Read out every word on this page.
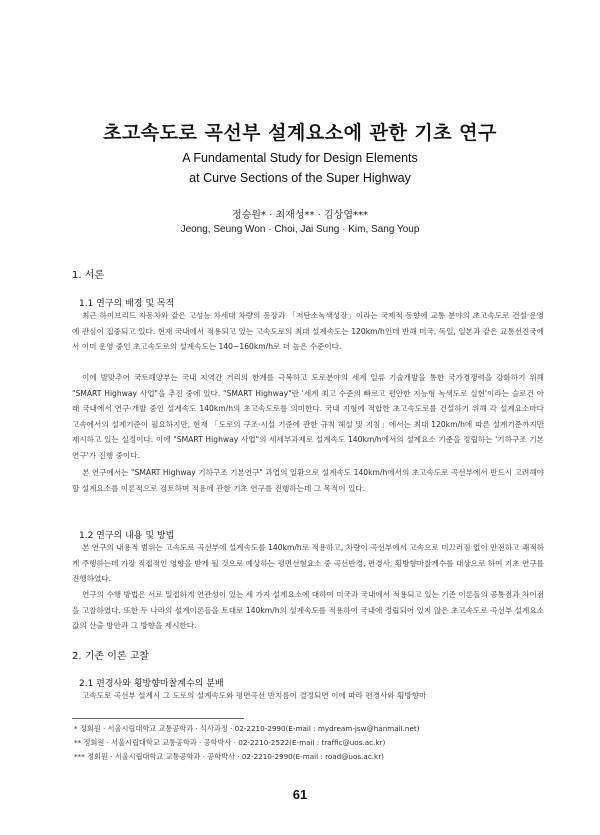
초고속도로 곡선부 설계요소에 관한 기초 연구
A Fundamental Study for Design Elements
at Curve Sections of the Super Highway
정승원* · 최재성** · 김상엽***
Jeong, Seung Won · Choi, Jai Sung · Kim, Sang Youp
1. 서론
1.1 연구의 배경 및 목적

최근 하이브리드 자동차와 같은 고성능 차세대 차량의 등장과 「저탄소녹색성장」이라는 국제적 동향에 교통 분야의 초고속도로 건설·운영에 관심이 집중되고 있다. 현재 국내에서 적용되고 있는 고속도로의 최대 설계속도는 120km/h인데 반해 미국, 독일, 일본과 같은 교통선진국에서 이미 운영 중인 초고속도로의 설계속도는 140~160km/h로 더 높은 수준이다.

이에 발맞추어 국토해양부는 국내 지역간 거리의 한계를 극복하고 도로분야의 세계 일류 기술개발을 통한 국가경쟁력을 강화하기 위해 "SMART Highway 사업"을 추진 중에 있다. "SMART Highway"란 '세계 최고 수준의 빠르고 편안한 지능형 녹색도로 실현'이라는 슬로건 아래 국내에서 연구·개발 중인 설계속도 140km/h의 초고속도로를 의미한다. 국내 지형에 적합한 초고속도로를 건설하기 위해 각 설계요소마다 고속에서의 설계기준이 필요하지만, 현재 「도로의 구조·시설 기준에 관한 규칙 해설 및 지침」에서는 최대 120km/h에 따른 설계기준까지만 제시하고 있는 실정이다. 이에 "SMART Highway 사업"의 세세부과제로 설계속도 140km/h에서의 설계요소 기준을 정립하는 '기하구조 기본연구'가 진행 중이다.

본 연구에서는 "SMART Highway 기하구조 기본연구" 과업의 일환으로 설계속도 140km/h에서의 초고속도로 곡선부에서 반드시 고려해야 할 설계요소를 이론적으로 검토하며 적용에 관한 기초 연구를 진행하는데 그 목적이 있다.

1.2 연구의 내용 및 방법

본 연구의 내용적 범위는 고속도로 곡선부에 설계속도를 140km/h로 적용하고, 차량이 곡선부에서 고속으로 미끄러짐 없이 안전하고 쾌적하게 주행하는데 가장 직접적인 영향을 받게 될 것으로 예상하는 평면선형요소 중 곡선반경, 편경사, 횡방향마찰계수를 대상으로 하여 기초 연구를 진행하였다.

연구의 수행 방법은 서로 밀접하게 연관성이 있는 세 가지 설계요소에 대하여 미국과 국내에서 적용되고 있는 기존 이론들의 공통점과 차이점을 고찰하였다. 또한 두 나라의 설계이론들을 토대로 140km/h의 설계속도를 적용하여 국내에 정립되어 있지 않은 초고속도로 곡선부 설계요소 값의 산출 방안과 그 방향을 제시한다.

2. 기존 이론 고찰
2.1 편경사와 횡방향마찰계수의 분배

고속도로 곡선부 설계시 그 도로의 설계속도와 평면곡선 반지름이 결정되면 이에 따라 편경사와 횡방향마

* 정회원 · 서울시립대학교 교통공학과 · 석사과정 · 02-2210-2990(E-mail : mydream-jsw@hanmail.net)
** 정회원 · 서울시립대학교 교통공학과 · 공학박사 · 02-2210-2522(E-mail : traffic@uos.ac.kr)
*** 정회원 · 서울시립대학교 교통공학과 · 공학박사 · 02-2210-2990(E-mail : road@uos.ac.kr)
61
